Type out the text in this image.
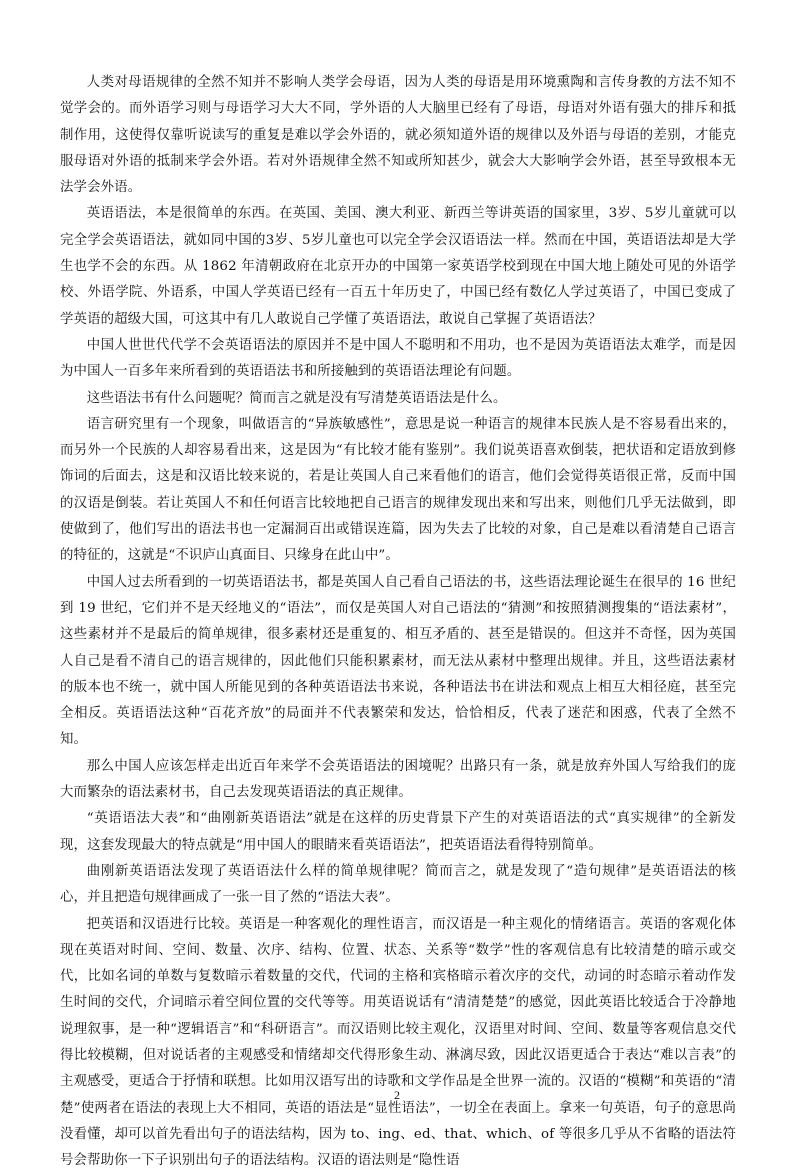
人类对母语规律的全然不知并不影响人类学会母语，因为人类的母语是用环境熏陶和言传身教的方法不知不觉学会的。而外语学习则与母语学习大大不同，学外语的人大脑里已经有了母语，母语对外语有强大的排斥和抵制作用，这使得仅靠听说读写的重复是难以学会外语的，就必须知道外语的规律以及外语与母语的差别，才能克服母语对外语的抵制来学会外语。若对外语规律全然不知或所知甚少，就会大大影响学会外语，甚至导致根本无法学会外语。

英语语法，本是很简单的东西。在英国、美国、澳大利亚、新西兰等讲英语的国家里，3岁、5岁儿童就可以完全学会英语语法，就如同中国的3岁、5岁儿童也可以完全学会汉语语法一样。然而在中国，英语语法却是大学生也学不会的东西。从 1862 年清朝政府在北京开办的中国第一家英语学校到现在中国大地上随处可见的外语学校、外语学院、外语系，中国人学英语已经有一百五十年历史了，中国已经有数亿人学过英语了，中国已变成了学英语的超级大国，可这其中有几人敢说自己学懂了英语语法，敢说自己掌握了英语语法？

中国人世世代代学不会英语语法的原因并不是中国人不聪明和不用功，也不是因为英语语法太难学，而是因为中国人一百多年来所看到的英语语法书和所接触到的英语语法理论有问题。

这些语法书有什么问题呢？简而言之就是没有写清楚英语语法是什么。

语言研究里有一个现象，叫做语言的“异族敏感性”，意思是说一种语言的规律本民族人是不容易看出来的，而另外一个民族的人却容易看出来，这是因为“有比较才能有鉴别”。我们说英语喜欢倒装，把状语和定语放到修饰词的后面去，这是和汉语比较来说的，若是让英国人自己来看他们的语言，他们会觉得英语很正常，反而中国的汉语是倒装。若让英国人不和任何语言比较地把自己语言的规律发现出来和写出来，则他们几乎无法做到，即使做到了，他们写出的语法书也一定漏洞百出或错误连篇，因为失去了比较的对象，自己是难以看清楚自己语言的特征的，这就是“不识庐山真面目、只缘身在此山中”。

中国人过去所看到的一切英语语法书，都是英国人自己看自己语法的书，这些语法理论诞生在很早的 16 世纪到 19 世纪，它们并不是天经地义的“语法”，而仅是英国人对自己语法的“猜测”和按照猜测搜集的“语法素材”，这些素材并不是最后的简单规律，很多素材还是重复的、相互矛盾的、甚至是错误的。但这并不奇怪，因为英国人自己是看不清自己的语言规律的，因此他们只能积累素材，而无法从素材中整理出规律。并且，这些语法素材的版本也不统一，就中国人所能见到的各种英语语法书来说，各种语法书在讲法和观点上相互大相径庭，甚至完全相反。英语语法这种“百花齐放”的局面并不代表繁荣和发达，恰恰相反，代表了迷茫和困惑，代表了全然不知。

那么中国人应该怎样走出近百年来学不会英语语法的困境呢？出路只有一条，就是放弃外国人写给我们的庞大而繁杂的语法素材书，自己去发现英语语法的真正规律。

“英语语法大表”和“曲刚新英语语法”就是在这样的历史背景下产生的对英语语法的式“真实规律”的全新发现，这套发现最大的特点就是“用中国人的眼睛来看英语语法”，把英语语法看得特别简单。

曲刚新英语语法发现了英语语法什么样的简单规律呢？简而言之，就是发现了“造句规律”是英语语法的核心，并且把造句规律画成了一张一目了然的“语法大表”。

把英语和汉语进行比较。英语是一种客观化的理性语言，而汉语是一种主观化的情绪语言。英语的客观化体现在英语对时间、空间、数量、次序、结构、位置、状态、关系等“数学”性的客观信息有比较清楚的暗示或交代，比如名词的单数与复数暗示着数量的交代，代词的主格和宾格暗示着次序的交代，动词的时态暗示着动作发生时间的交代，介词暗示着空间位置的交代等等。用英语说话有“清清楚楚”的感觉，因此英语比较适合于冷静地说理叙事，是一种“逻辑语言”和“科研语言”。而汉语则比较主观化，汉语里对时间、空间、数量等客观信息交代得比较模糊，但对说话者的主观感受和情绪却交代得形象生动、淋漓尽致，因此汉语更适合于表达“难以言表”的主观感受，更适合于抒情和联想。比如用汉语写出的诗歌和文学作品是全世界一流的。汉语的“模糊”和英语的“清楚”使两者在语法的表现上大不相同，英语的语法是“显性语法”，一切全在表面上。拿来一句英语，句子的意思尚没看懂，却可以首先看出句子的语法结构，因为 to、ing、ed、that、which、of 等很多几乎从不省略的语法符号会帮助你一下子识别出句子的语法结构。汉语的语法则是“隐性语

2
